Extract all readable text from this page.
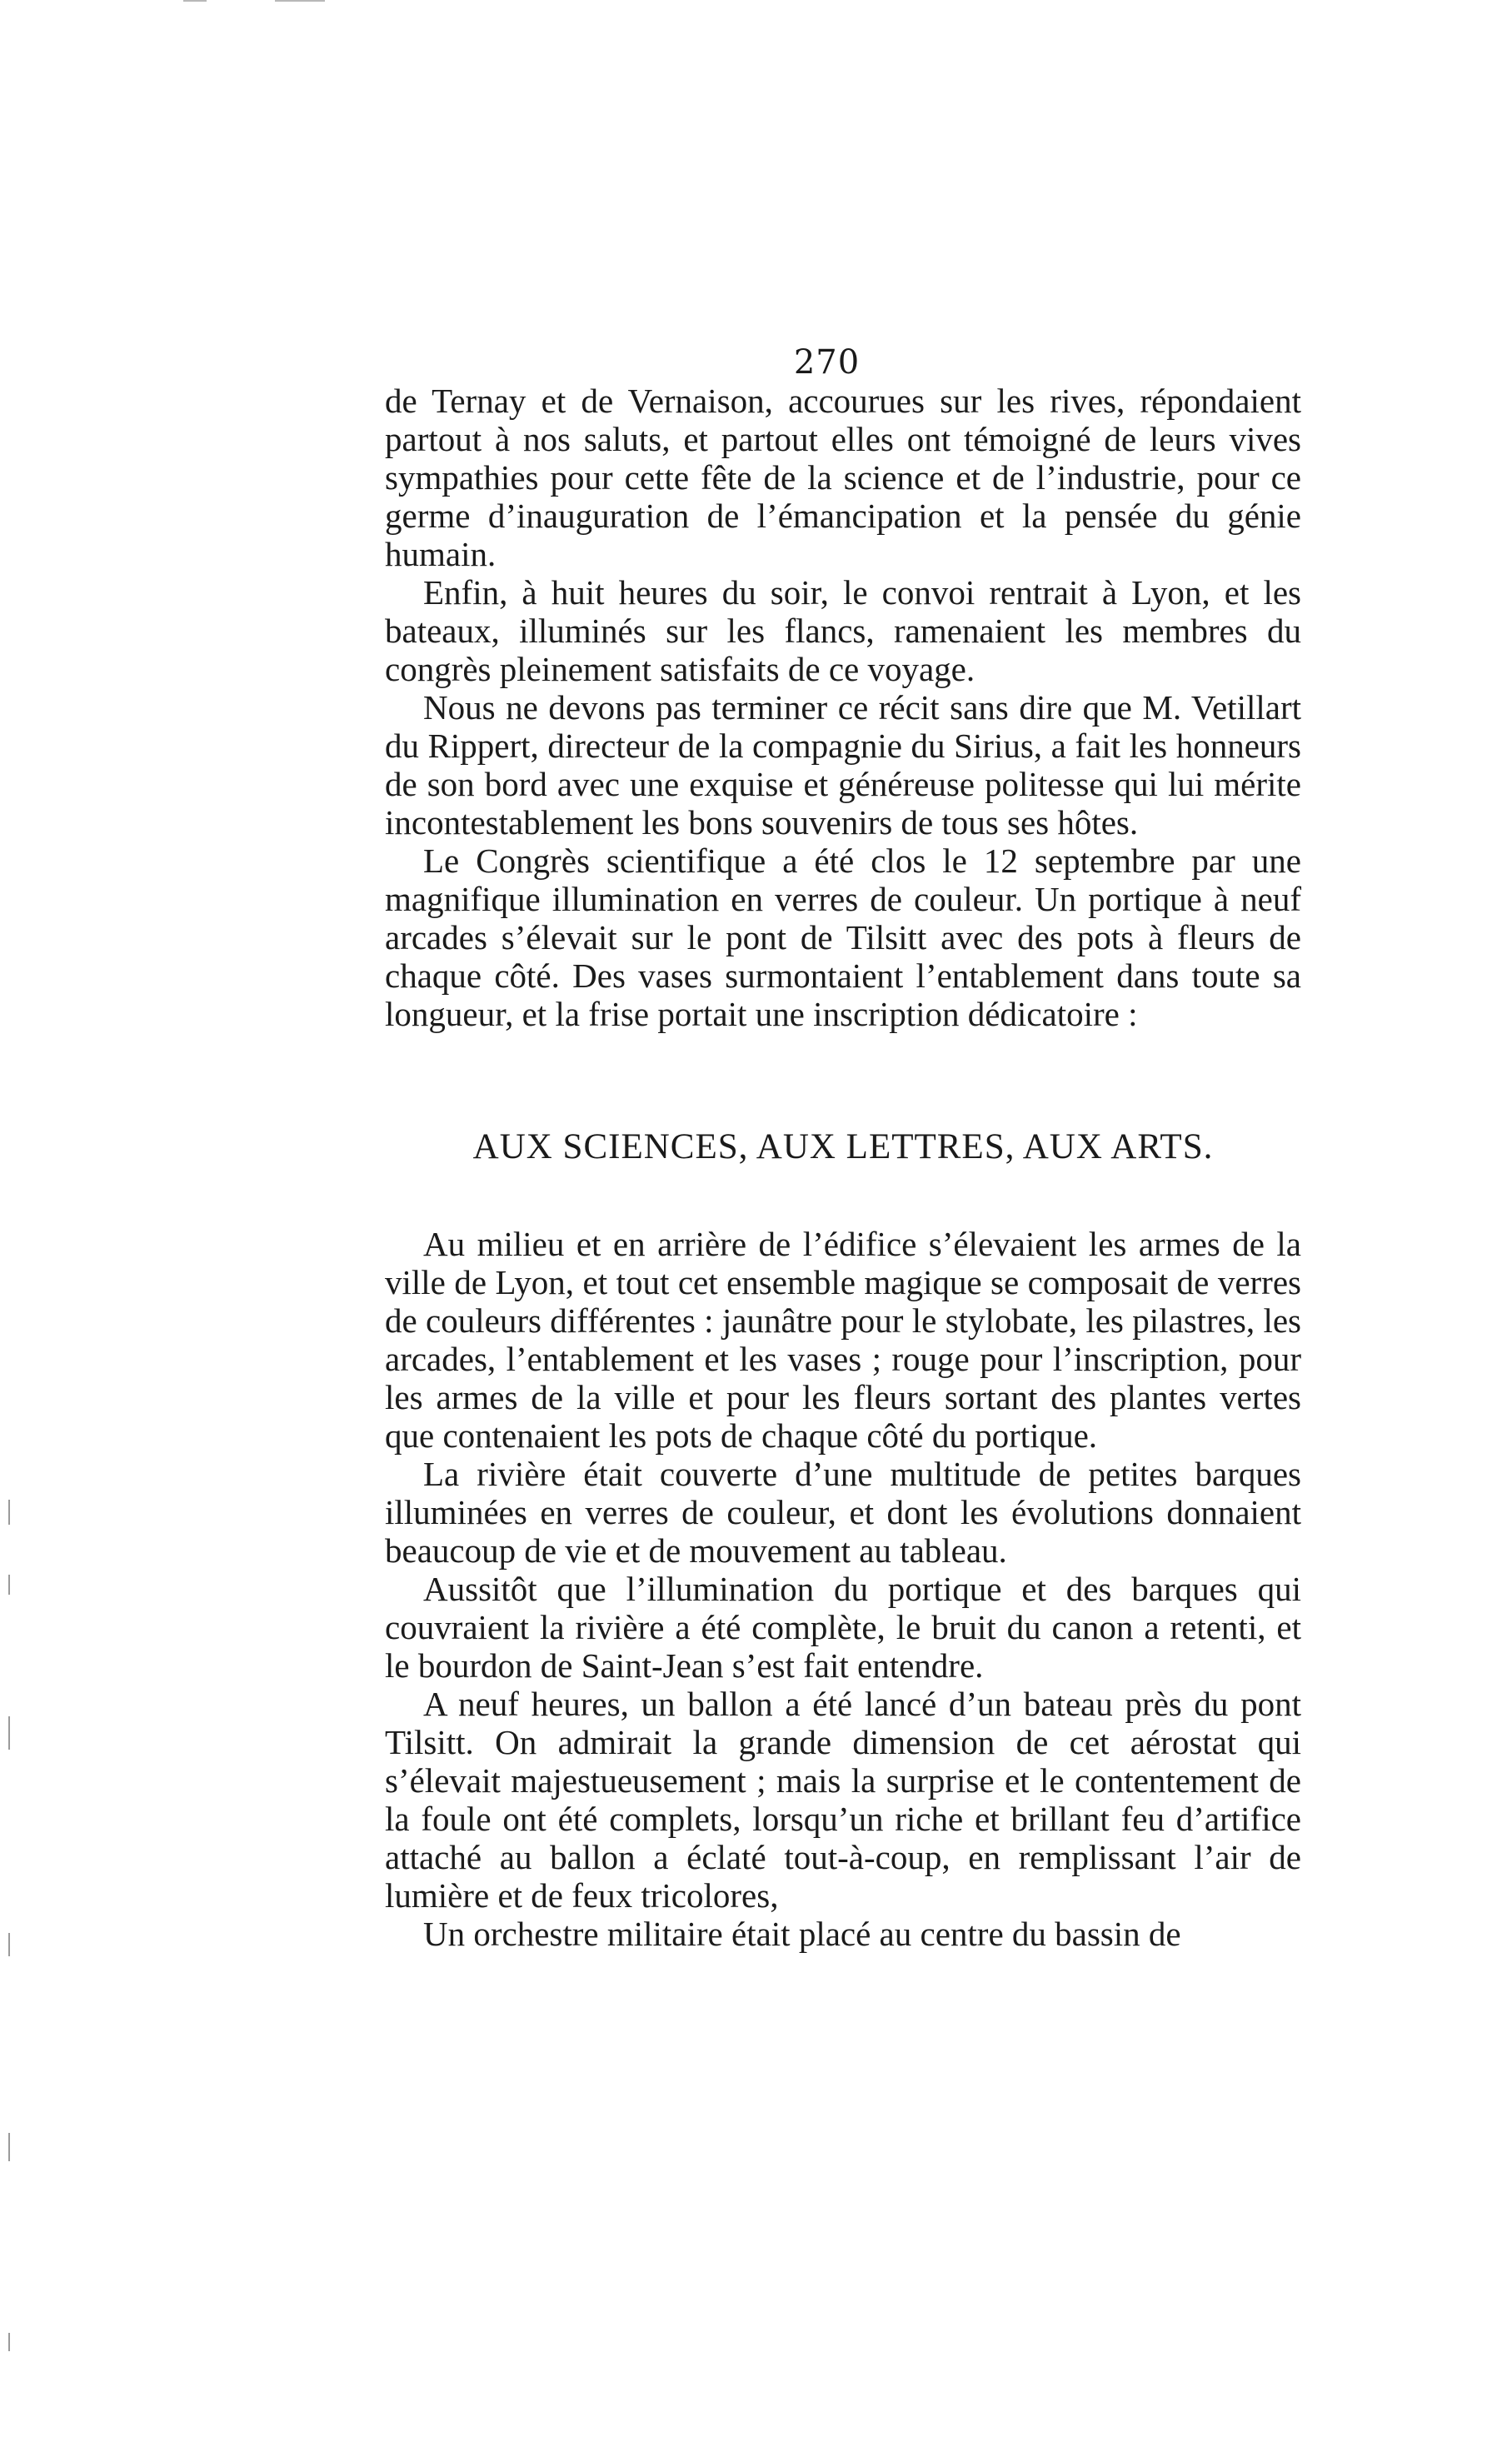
270

de Ternay et de Vernaison, accourues sur les rives, répondaient partout à nos saluts, et partout elles ont témoigné de leurs vives sympathies pour cette fête de la science et de l’industrie, pour ce germe d’inauguration de l’émancipation et la pensée du génie humain.

Enfin, à huit heures du soir, le convoi rentrait à Lyon, et les bateaux, illuminés sur les flancs, ramenaient les membres du congrès pleinement satisfaits de ce voyage.

Nous ne devons pas terminer ce récit sans dire que M. Vetillart du Rippert, directeur de la compagnie du Sirius, a fait les honneurs de son bord avec une exquise et généreuse politesse qui lui mérite incontestablement les bons souvenirs de tous ses hôtes.

Le Congrès scientifique a été clos le 12 septembre par une magnifique illumination en verres de couleur. Un portique à neuf arcades s’élevait sur le pont de Tilsitt avec des pots à fleurs de chaque côté. Des vases surmontaient l’entablement dans toute sa longueur, et la frise portait une inscription dédicatoire :

AUX SCIENCES, AUX LETTRES, AUX ARTS.

Au milieu et en arrière de l’édifice s’élevaient les armes de la ville de Lyon, et tout cet ensemble magique se composait de verres de couleurs différentes : jaunâtre pour le stylobate, les pilastres, les arcades, l’entablement et les vases ; rouge pour l’inscription, pour les armes de la ville et pour les fleurs sortant des plantes vertes que contenaient les pots de chaque côté du portique.

La rivière était couverte d’une multitude de petites barques illuminées en verres de couleur, et dont les évolutions donnaient beaucoup de vie et de mouvement au tableau.

Aussitôt que l’illumination du portique et des barques qui couvraient la rivière a été complète, le bruit du canon a retenti, et le bourdon de Saint-Jean s’est fait entendre.

A neuf heures, un ballon a été lancé d’un bateau près du pont Tilsitt. On admirait la grande dimension de cet aérostat qui s’élevait majestueusement ; mais la surprise et le contentement de la foule ont été complets, lorsqu’un riche et brillant feu d’artifice attaché au ballon a éclaté tout-à-coup, en remplissant l’air de lumière et de feux tricolores,

Un orchestre militaire était placé au centre du bassin de
